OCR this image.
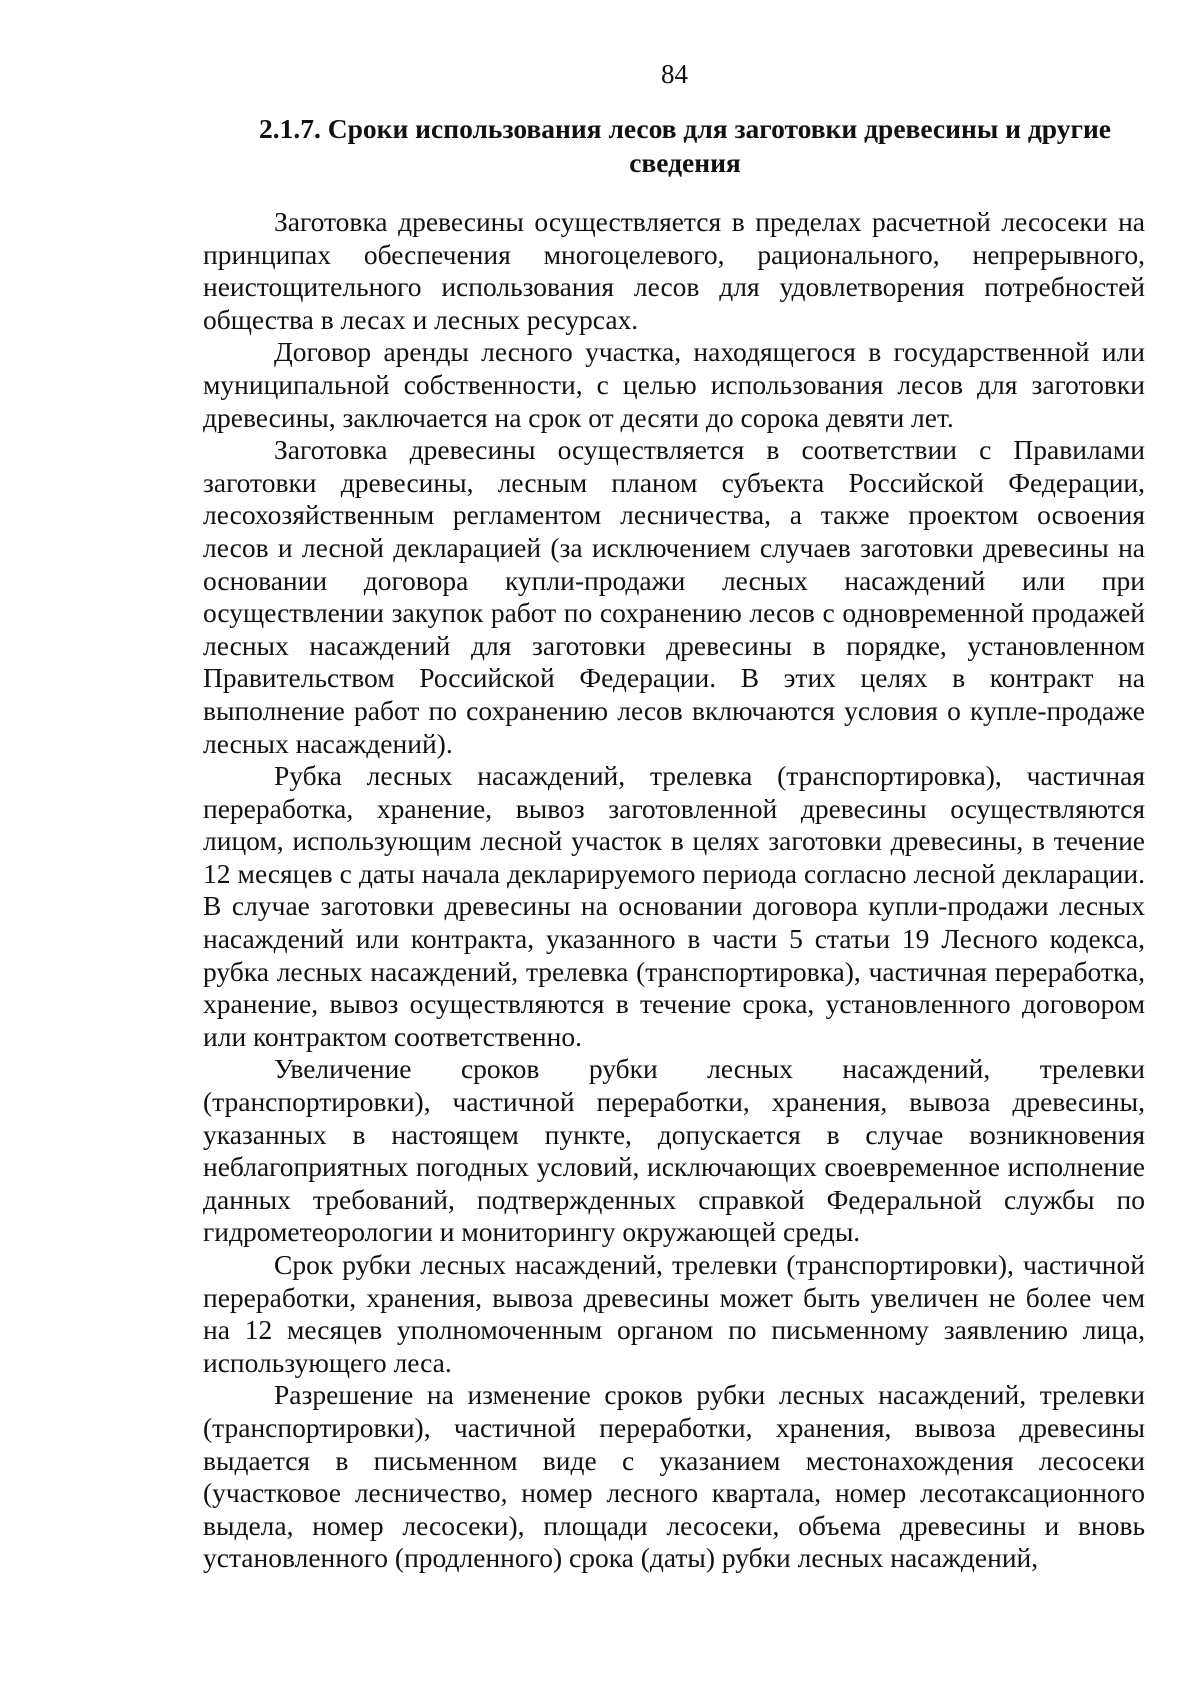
84
2.1.7. Сроки использования лесов для заготовки древесины и другие сведения

Заготовка древесины осуществляется в пределах расчетной лесосеки на принципах обеспечения многоцелевого, рационального, непрерывного, неистощительного использования лесов для удовлетворения потребностей общества в лесах и лесных ресурсах.

Договор аренды лесного участка, находящегося в государственной или муниципальной собственности, с целью использования лесов для заготовки древесины, заключается на срок от десяти до сорока девяти лет.

Заготовка древесины осуществляется в соответствии с Правилами заготовки древесины, лесным планом субъекта Российской Федерации, лесохозяйственным регламентом лесничества, а также проектом освоения лесов и лесной декларацией (за исключением случаев заготовки древесины на основании договора купли-продажи лесных насаждений или при осуществлении закупок работ по сохранению лесов с одновременной продажей лесных насаждений для заготовки древесины в порядке, установленном Правительством Российской Федерации. В этих целях в контракт на выполнение работ по сохранению лесов включаются условия о купле-продаже лесных насаждений).

Рубка лесных насаждений, трелевка (транспортировка), частичная переработка, хранение, вывоз заготовленной древесины осуществляются лицом, использующим лесной участок в целях заготовки древесины, в течение 12 месяцев с даты начала декларируемого периода согласно лесной декларации. В случае заготовки древесины на основании договора купли-продажи лесных насаждений или контракта, указанного в части 5 статьи 19 Лесного кодекса, рубка лесных насаждений, трелевка (транспортировка), частичная переработка, хранение, вывоз осуществляются в течение срока, установленного договором или контрактом соответственно.

Увеличение сроков рубки лесных насаждений, трелевки (транспортировки), частичной переработки, хранения, вывоза древесины, указанных в настоящем пункте, допускается в случае возникновения неблагоприятных погодных условий, исключающих своевременное исполнение данных требований, подтвержденных справкой Федеральной службы по гидрометеорологии и мониторингу окружающей среды.

Срок рубки лесных насаждений, трелевки (транспортировки), частичной переработки, хранения, вывоза древесины может быть увеличен не более чем на 12 месяцев уполномоченным органом по письменному заявлению лица, использующего леса.

Разрешение на изменение сроков рубки лесных насаждений, трелевки (транспортировки), частичной переработки, хранения, вывоза древесины выдается в письменном виде с указанием местонахождения лесосеки (участковое лесничество, номер лесного квартала, номер лесотаксационного выдела, номер лесосеки), площади лесосеки, объема древесины и вновь установленного (продленного) срока (даты) рубки лесных насаждений,
